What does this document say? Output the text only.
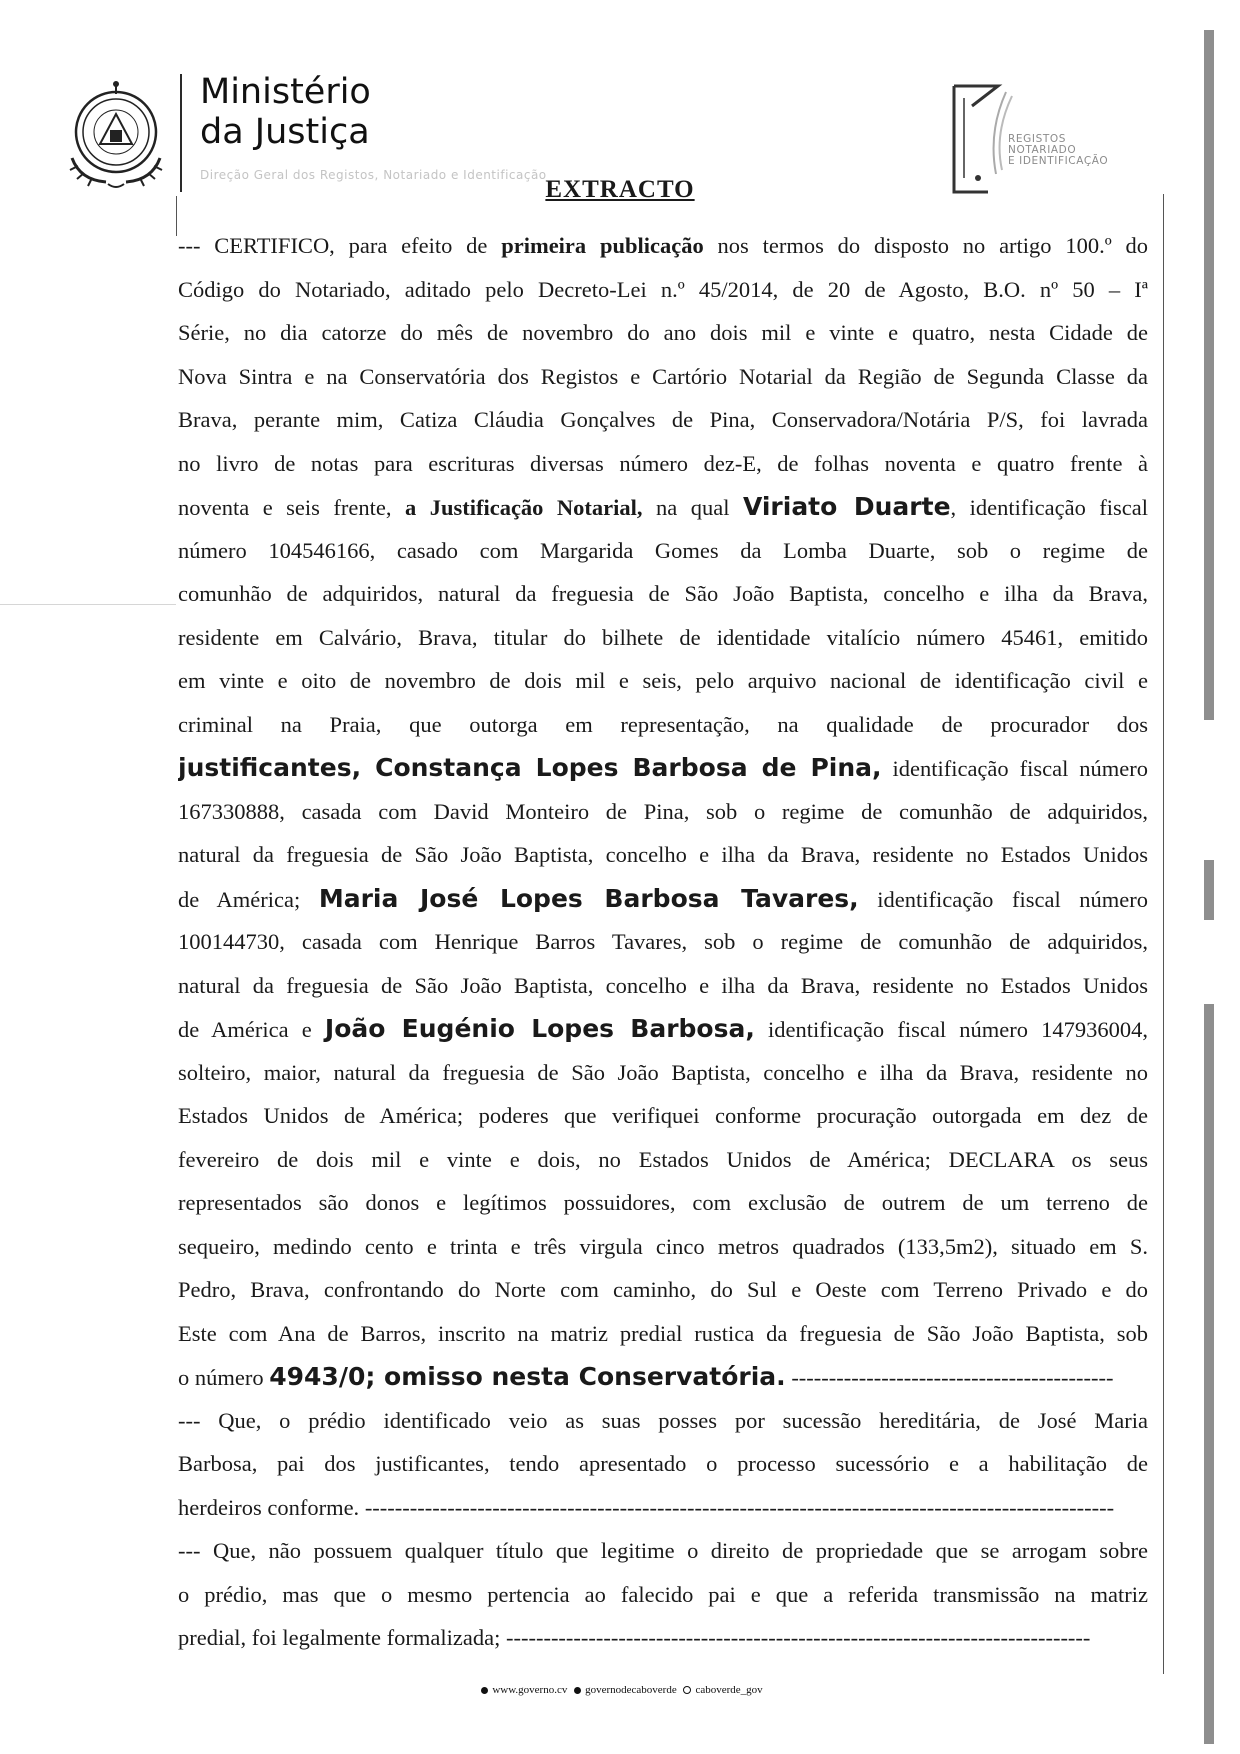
Ministério
da Justiça
Direção Geral dos Registos, Notariado e Identificação
REGISTOS
NOTARIADO
E IDENTIFICAÇÃO
EXTRACTO
--- CERTIFICO, para efeito de primeira publicação nos termos do disposto no artigo 100.º do
Código do Notariado, aditado pelo Decreto-Lei n.º 45/2014, de 20 de Agosto, B.O. nº 50 – Iª
Série, no dia catorze do mês de novembro do ano dois mil e vinte e quatro, nesta Cidade de
Nova Sintra e na Conservatória dos Registos e Cartório Notarial da Região de Segunda Classe da
Brava, perante mim, Catiza Cláudia Gonçalves de Pina, Conservadora/Notária P/S, foi lavrada
no livro de notas para escrituras diversas número dez-E, de folhas noventa e quatro frente à
noventa e seis frente, a Justificação Notarial, na qual Viriato Duarte, identificação fiscal
número 104546166, casado com Margarida Gomes da Lomba Duarte, sob o regime de
comunhão de adquiridos, natural da freguesia de São João Baptista, concelho e ilha da Brava,
residente em Calvário, Brava, titular do bilhete de identidade vitalício número 45461, emitido
em vinte e oito de novembro de dois mil e seis, pelo arquivo nacional de identificação civil e
criminal na Praia, que outorga em representação, na qualidade de procurador dos
justificantes, Constança Lopes Barbosa de Pina, identificação fiscal número
167330888, casada com David Monteiro de Pina, sob o regime de comunhão de adquiridos,
natural da freguesia de São João Baptista, concelho e ilha da Brava, residente no Estados Unidos
de América; Maria José Lopes Barbosa Tavares, identificação fiscal número
100144730, casada com Henrique Barros Tavares, sob o regime de comunhão de adquiridos,
natural da freguesia de São João Baptista, concelho e ilha da Brava, residente no Estados Unidos
de América e João Eugénio Lopes Barbosa, identificação fiscal número 147936004,
solteiro, maior, natural da freguesia de São João Baptista, concelho e ilha da Brava, residente no
Estados Unidos de América; poderes que verifiquei conforme procuração outorgada em dez de
fevereiro de dois mil e vinte e dois, no Estados Unidos de América; DECLARA os seus
representados são donos e legítimos possuidores, com exclusão de outrem de um terreno de
sequeiro, medindo cento e trinta e três virgula cinco metros quadrados (133,5m2), situado em S.
Pedro, Brava, confrontando do Norte com caminho, do Sul e Oeste com Terreno Privado e do
Este com Ana de Barros, inscrito na matriz predial rustica da freguesia de São João Baptista, sob
o número 4943/0; omisso nesta Conservatória. -------------------------------------------
--- Que, o prédio identificado veio as suas posses por sucessão hereditária, de José Maria
Barbosa, pai dos justificantes, tendo apresentado o processo sucessório e a habilitação de
herdeiros conforme. ----------------------------------------------------------------------------------------------------
--- Que, não possuem qualquer título que legitime o direito de propriedade que se arrogam sobre
o prédio, mas que o mesmo pertencia ao falecido pai e que a referida transmissão na matriz
predial, foi legalmente formalizada; ------------------------------------------------------------------------------
www.governo.cv governodecaboverde caboverde_gov
